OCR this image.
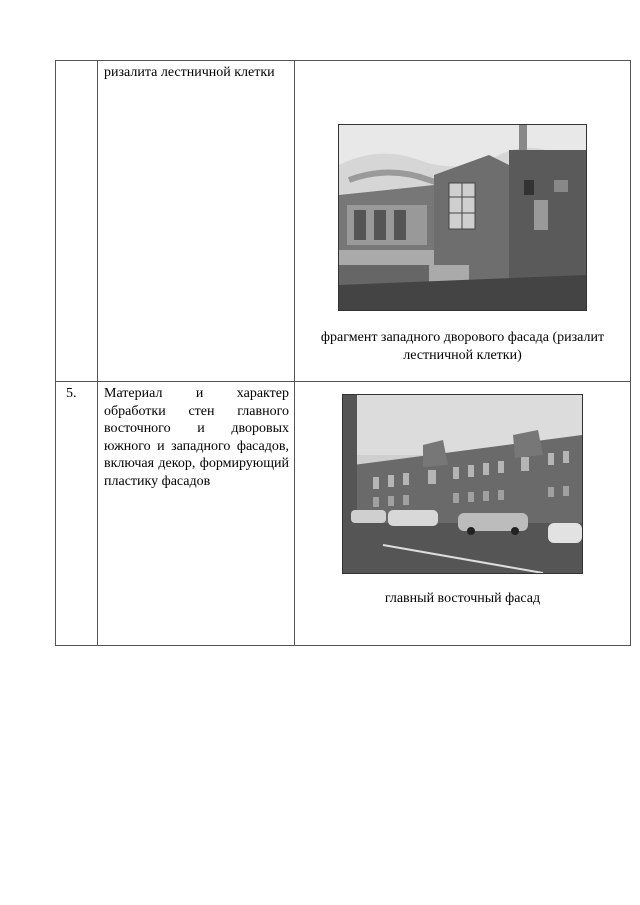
	ризалита лестничной клетки	фрагмент западного дворового фасада (ризалит лестничной клетки)

5.	Материал и характер обработки стен главного восточного и дворовых южного и западного фасадов, включая декор, формирующий пластику фасадов	главный восточный фасад
